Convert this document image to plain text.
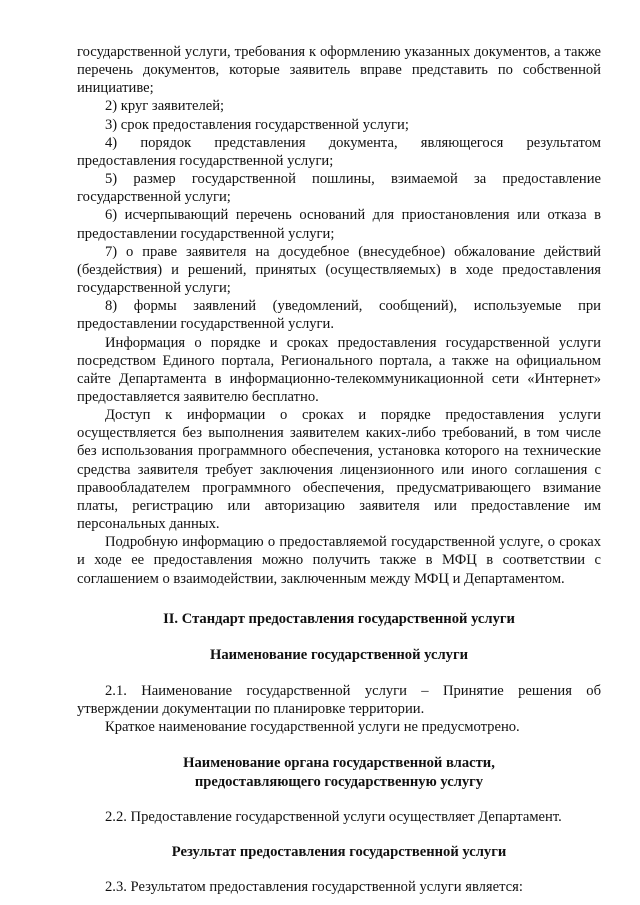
государственной услуги, требования к оформлению указанных документов, а также перечень документов, которые заявитель вправе представить по собственной инициативе;

2) круг заявителей;

3) срок предоставления государственной услуги;

4) порядок представления документа, являющегося результатом предоставления государственной услуги;

5) размер государственной пошлины, взимаемой за предоставление государственной услуги;

6) исчерпывающий перечень оснований для приостановления или отказа в предоставлении государственной услуги;

7) о праве заявителя на досудебное (внесудебное) обжалование действий (бездействия) и решений, принятых (осуществляемых) в ходе предоставления государственной услуги;

8) формы заявлений (уведомлений, сообщений), используемые при предоставлении государственной услуги.

Информация о порядке и сроках предоставления государственной услуги посредством Единого портала, Регионального портала, а также на официальном сайте Департамента в информационно-телекоммуникационной сети «Интернет» предоставляется заявителю бесплатно.

Доступ к информации о сроках и порядке предоставления услуги осуществляется без выполнения заявителем каких-либо требований, в том числе без использования программного обеспечения, установка которого на технические средства заявителя требует заключения лицензионного или иного соглашения с правообладателем программного обеспечения, предусматривающего взимание платы, регистрацию или авторизацию заявителя или предоставление им персональных данных.

Подробную информацию о предоставляемой государственной услуге, о сроках и ходе ее предоставления можно получить также в МФЦ в соответствии с соглашением о взаимодействии, заключенным между МФЦ и Департаментом.

II. Стандарт предоставления государственной услуги

Наименование государственной услуги

2.1. Наименование государственной услуги – Принятие решения об утверждении документации по планировке территории.

Краткое наименование государственной услуги не предусмотрено.

Наименование органа государственной власти,

предоставляющего государственную услугу

2.2. Предоставление государственной услуги осуществляет Департамент.

Результат предоставления государственной услуги

2.3. Результатом предоставления государственной услуги является:
